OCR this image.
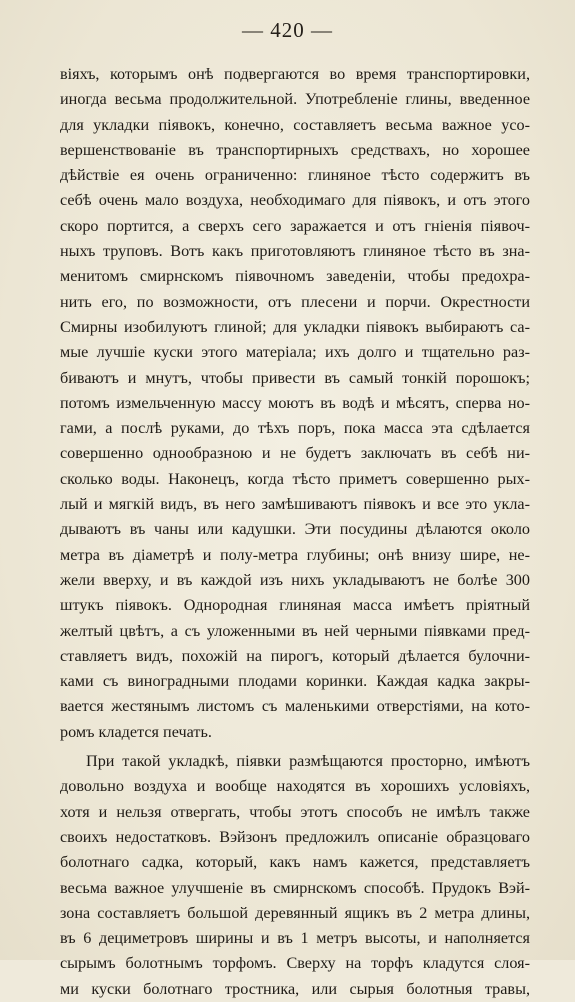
— 420 —
віяхъ, которымъ онѣ подвергаются во время транспортировки,
иногда весьма продолжительной. Употребленіе глины, введенное
для укладки піявокъ, конечно, составляетъ весьма важное усо-
вершенствованіе въ транспортирныхъ средствахъ, но хорошее
дѣйствіе ея очень ограниченно: глиняное тѣсто содержитъ въ
себѣ очень мало воздуха, необходимаго для піявокъ, и отъ этого
скоро портится, а сверхъ сего заражается и отъ гніенія піявоч-
ныхъ труповъ. Вотъ какъ приготовляютъ глиняное тѣсто въ зна-
менитомъ смирнскомъ піявочномъ заведеніи, чтобы предохра-
нить его, по возможности, отъ плесени и порчи. Окрестности
Смирны изобилуютъ глиной; для укладки піявокъ выбираютъ са-
мые лучшіе куски этого матеріала; ихъ долго и тщательно раз-
биваютъ и мнутъ, чтобы привести въ самый тонкій порошокъ;
потомъ измельченную массу моютъ въ водѣ и мѣсятъ, сперва но-
гами, а послѣ руками, до тѣхъ поръ, пока масса эта сдѣлается
совершенно однообразною и не будетъ заключать въ себѣ ни-
сколько воды. Наконецъ, когда тѣсто приметъ совершенно рых-
лый и мягкій видъ, въ него замѣшиваютъ піявокъ и все это укла-
дываютъ въ чаны или кадушки. Эти посудины дѣлаются около
метра въ діаметрѣ и полу-метра глубины; онѣ внизу шире, не-
жели вверху, и въ каждой изъ нихъ укладываютъ не болѣе 300
штукъ піявокъ. Однородная глиняная масса имѣетъ пріятный
желтый цвѣтъ, а съ уложенными въ ней черными піявками пред-
ставляетъ видъ, похожій на пирогъ, который дѣлается булочни-
ками съ виноградными плодами коринки. Каждая кадка закры-
вается жестянымъ листомъ съ маленькими отверстіями, на кото-
ромъ кладется печать.
При такой укладкѣ, піявки размѣщаются просторно, имѣютъ
довольно воздуха и вообще находятся въ хорошихъ условіяхъ,
хотя и нельзя отвергать, чтобы этотъ способъ не имѣлъ также
своихъ недостатковъ. Вэйзонъ предложилъ описаніе образцоваго
болотнаго садка, который, какъ намъ кажется, представляетъ
весьма важное улучшеніе въ смирнскомъ способѣ. Прудокъ Вэй-
зона составляетъ большой деревянный ящикъ въ 2 метра длины,
въ 6 дециметровъ ширины и въ 1 метръ высоты, и наполняется
сырымъ болотнымъ торфомъ. Сверху на торфъ кладутся слоя-
ми куски болотнаго тростника, или сырыя болотныя травы,
